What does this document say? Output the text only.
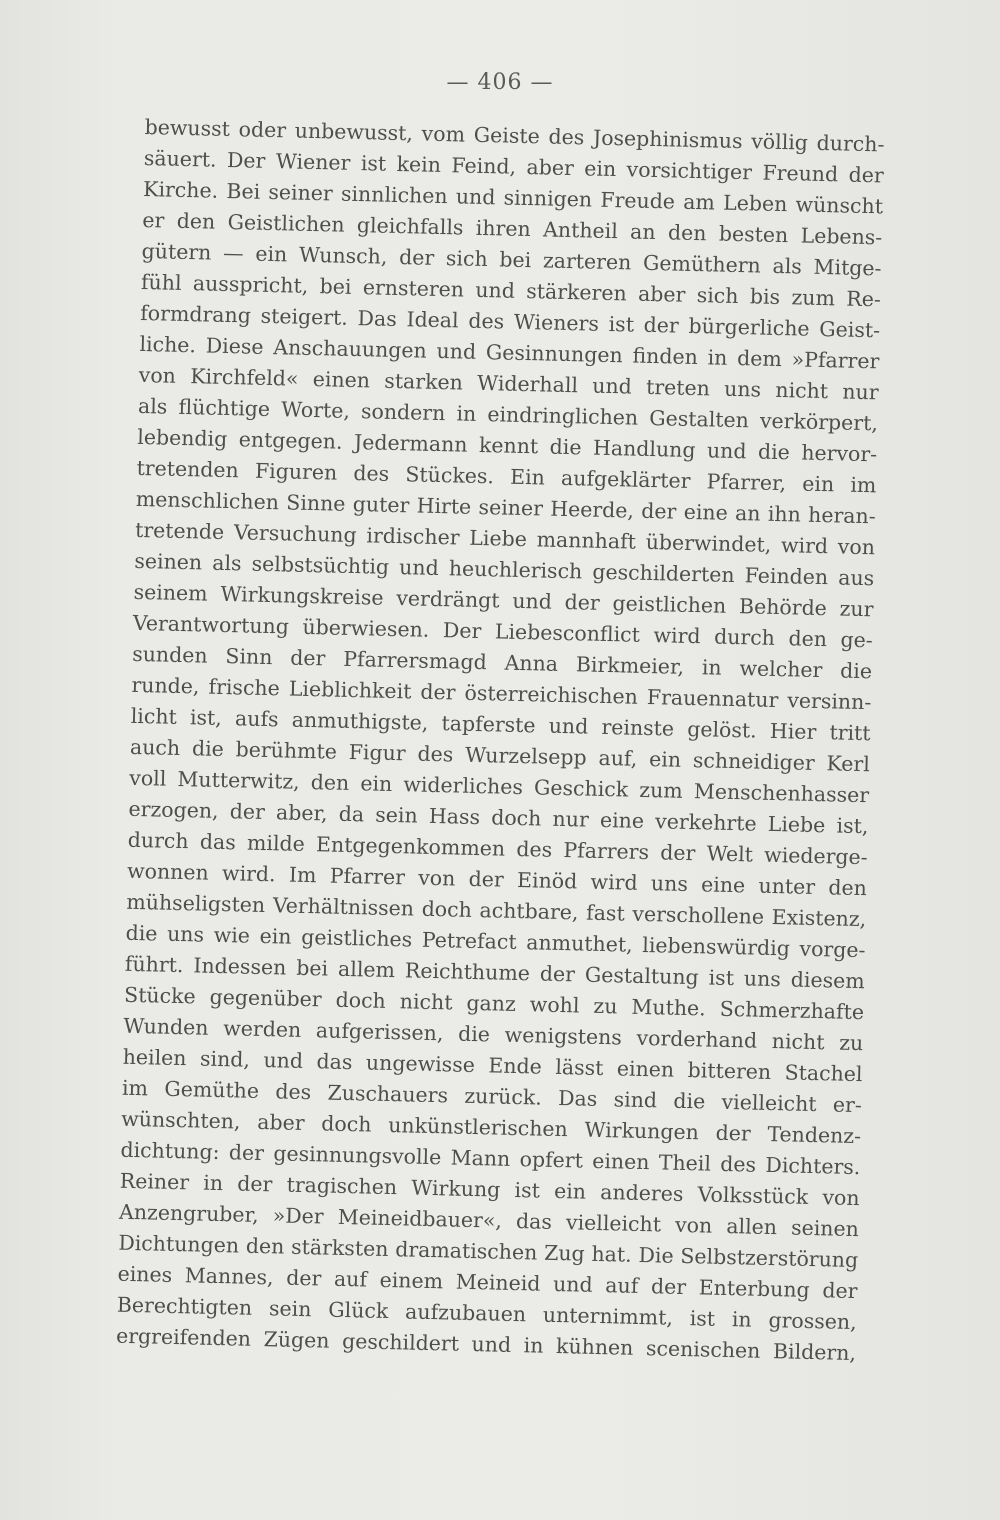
— 406 —
bewusst oder unbewusst, vom Geiste des Josephinismus völlig durch-
säuert. Der Wiener ist kein Feind, aber ein vorsichtiger Freund der
Kirche. Bei seiner sinnlichen und sinnigen Freude am Leben wünscht
er den Geistlichen gleichfalls ihren Antheil an den besten Lebens-
gütern — ein Wunsch, der sich bei zarteren Gemüthern als Mitge-
fühl ausspricht, bei ernsteren und stärkeren aber sich bis zum Re-
formdrang steigert. Das Ideal des Wieners ist der bürgerliche Geist-
liche. Diese Anschauungen und Gesinnungen finden in dem »Pfarrer
von Kirchfeld« einen starken Widerhall und treten uns nicht nur
als flüchtige Worte, sondern in eindringlichen Gestalten verkörpert,
lebendig entgegen. Jedermann kennt die Handlung und die hervor-
tretenden Figuren des Stückes. Ein aufgeklärter Pfarrer, ein im
menschlichen Sinne guter Hirte seiner Heerde, der eine an ihn heran-
tretende Versuchung irdischer Liebe mannhaft überwindet, wird von
seinen als selbstsüchtig und heuchlerisch geschilderten Feinden aus
seinem Wirkungskreise verdrängt und der geistlichen Behörde zur
Verantwortung überwiesen. Der Liebesconflict wird durch den ge-
sunden Sinn der Pfarrersmagd Anna Birkmeier, in welcher die
runde, frische Lieblichkeit der österreichischen Frauennatur versinn-
licht ist, aufs anmuthigste, tapferste und reinste gelöst. Hier tritt
auch die berühmte Figur des Wurzelsepp auf, ein schneidiger Kerl
voll Mutterwitz, den ein widerliches Geschick zum Menschenhasser
erzogen, der aber, da sein Hass doch nur eine verkehrte Liebe ist,
durch das milde Entgegenkommen des Pfarrers der Welt wiederge-
wonnen wird. Im Pfarrer von der Einöd wird uns eine unter den
mühseligsten Verhältnissen doch achtbare, fast verschollene Existenz,
die uns wie ein geistliches Petrefact anmuthet, liebenswürdig vorge-
führt. Indessen bei allem Reichthume der Gestaltung ist uns diesem
Stücke gegenüber doch nicht ganz wohl zu Muthe. Schmerzhafte
Wunden werden aufgerissen, die wenigstens vorderhand nicht zu
heilen sind, und das ungewisse Ende lässt einen bitteren Stachel
im Gemüthe des Zuschauers zurück. Das sind die vielleicht er-
wünschten, aber doch unkünstlerischen Wirkungen der Tendenz-
dichtung: der gesinnungsvolle Mann opfert einen Theil des Dichters.
Reiner in der tragischen Wirkung ist ein anderes Volksstück von
Anzengruber, »Der Meineidbauer«, das vielleicht von allen seinen
Dichtungen den stärksten dramatischen Zug hat. Die Selbstzerstörung
eines Mannes, der auf einem Meineid und auf der Enterbung der
Berechtigten sein Glück aufzubauen unternimmt, ist in grossen,
ergreifenden Zügen geschildert und in kühnen scenischen Bildern,
